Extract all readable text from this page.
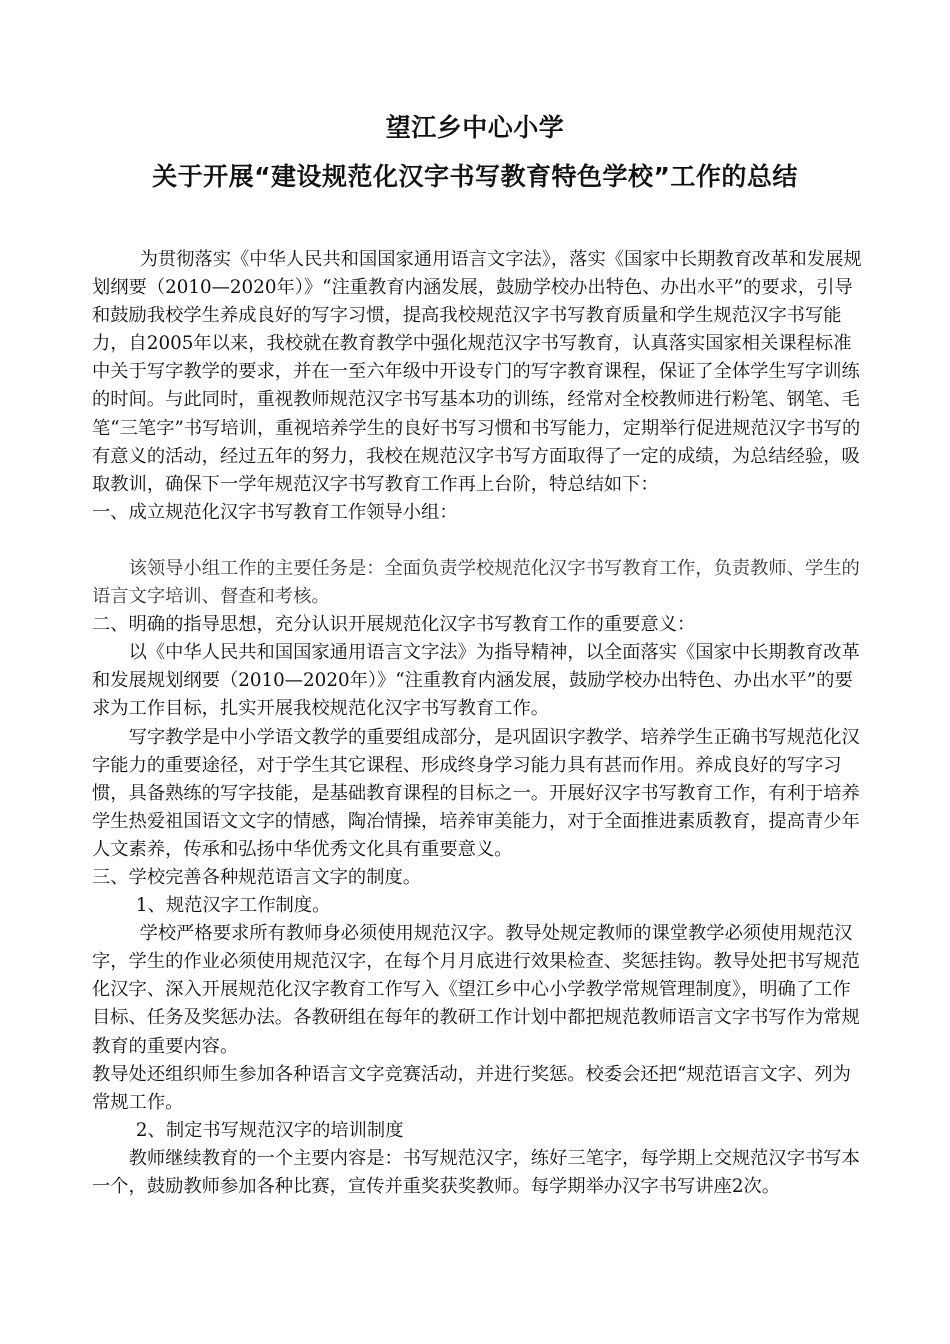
望江乡中心小学
关于开展“建设规范化汉字书写教育特色学校”工作的总结

为贯彻落实《中华人民共和国国家通用语言文字法》，落实《国家中长期教育改革和发展规划纲要（2010—2020年）》“注重教育内涵发展，鼓励学校办出特色、办出水平”的要求，引导和鼓励我校学生养成良好的写字习惯，提高我校规范汉字书写教育质量和学生规范汉字书写能力，自2005年以来，我校就在教育教学中强化规范汉字书写教育，认真落实国家相关课程标准中关于写字教学的要求，并在一至六年级中开设专门的写字教育课程，保证了全体学生写字训练的时间。与此同时，重视教师规范汉字书写基本功的训练，经常对全校教师进行粉笔、钢笔、毛笔“三笔字”书写培训，重视培养学生的良好书写习惯和书写能力，定期举行促进规范汉字书写的有意义的活动，经过五年的努力，我校在规范汉字书写方面取得了一定的成绩，为总结经验，吸取教训，确保下一学年规范汉字书写教育工作再上台阶，特总结如下：

一、成立规范化汉字书写教育工作领导小组：

该领导小组工作的主要任务是：全面负责学校规范化汉字书写教育工作，负责教师、学生的语言文字培训、督查和考核。

二、明确的指导思想，充分认识开展规范化汉字书写教育工作的重要意义：

以《中华人民共和国国家通用语言文字法》为指导精神，以全面落实《国家中长期教育改革和发展规划纲要（2010—2020年）》“注重教育内涵发展，鼓励学校办出特色、办出水平”的要求为工作目标，扎实开展我校规范化汉字书写教育工作。

写字教学是中小学语文教学的重要组成部分，是巩固识字教学、培养学生正确书写规范化汉字能力的重要途径，对于学生其它课程、形成终身学习能力具有甚而作用。养成良好的写字习惯，具备熟练的写字技能，是基础教育课程的目标之一。开展好汉字书写教育工作，有利于培养学生热爱祖国语文文字的情感，陶冶情操，培养审美能力，对于全面推进素质教育，提高青少年人文素养，传承和弘扬中华优秀文化具有重要意义。

三、学校完善各种规范语言文字的制度。

1、规范汉字工作制度。

学校严格要求所有教师身必须使用规范汉字。教导处规定教师的课堂教学必须使用规范汉字，学生的作业必须使用规范汉字，在每个月月底进行效果检查、奖惩挂钩。教导处把书写规范化汉字、深入开展规范化汉字教育工作写入《望江乡中心小学教学常规管理制度》，明确了工作目标、任务及奖惩办法。各教研组在每年的教研工作计划中都把规范教师语言文字书写作为常规教育的重要内容。

教导处还组织师生参加各种语言文字竞赛活动，并进行奖惩。校委会还把“规范语言文字、列为常规工作。

2、制定书写规范汉字的培训制度

教师继续教育的一个主要内容是：书写规范汉字，练好三笔字，每学期上交规范汉字书写本一个，鼓励教师参加各种比赛，宣传并重奖获奖教师。每学期举办汉字书写讲座2次。
